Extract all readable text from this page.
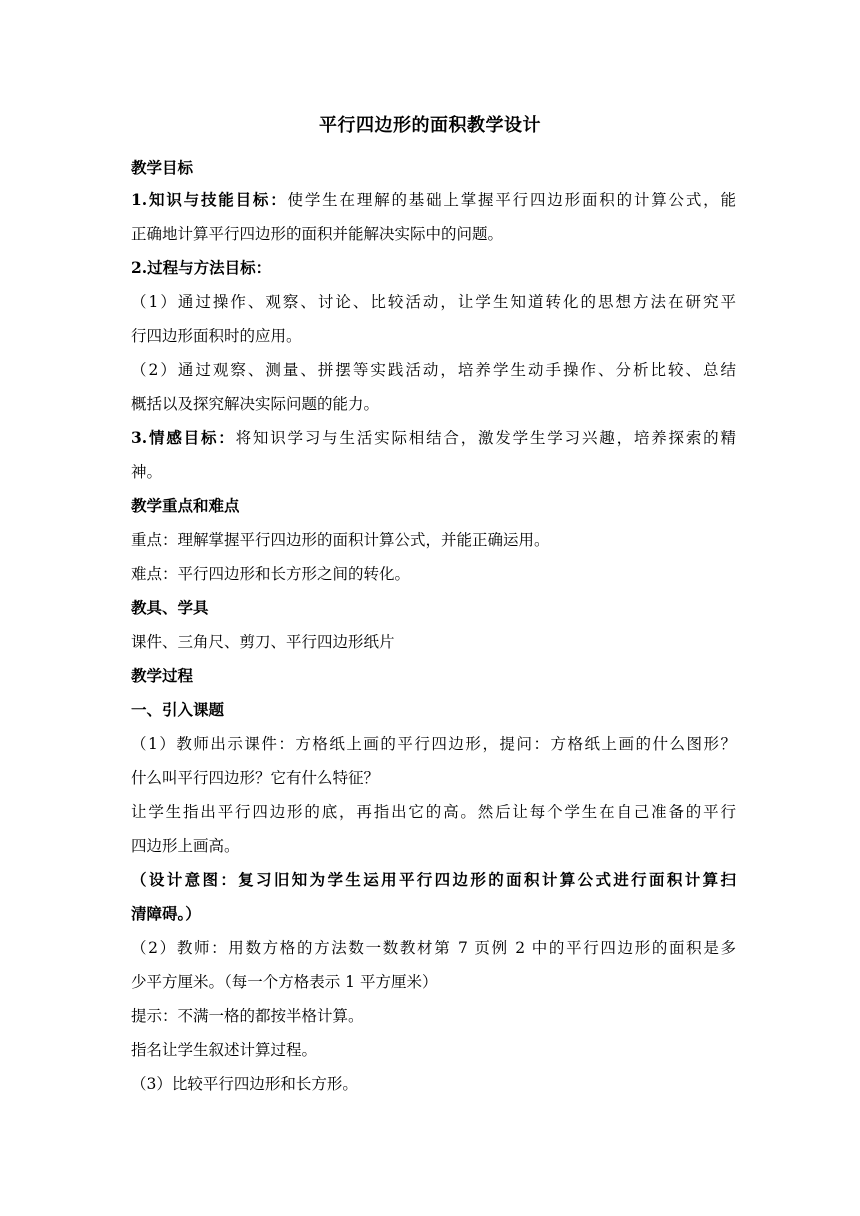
平行四边形的面积教学设计
教学目标
1.知识与技能目标：使学生在理解的基础上掌握平行四边形面积的计算公式，能
正确地计算平行四边形的面积并能解决实际中的问题。
2.过程与方法目标：
（1）通过操作、观察、讨论、比较活动，让学生知道转化的思想方法在研究平
行四边形面积时的应用。
（2）通过观察、测量、拼摆等实践活动，培养学生动手操作、分析比较、总结
概括以及探究解决实际问题的能力。
3.情感目标：将知识学习与生活实际相结合，激发学生学习兴趣，培养探索的精
神。
教学重点和难点
重点：理解掌握平行四边形的面积计算公式，并能正确运用。
难点：平行四边形和长方形之间的转化。
教具、学具
课件、三角尺、剪刀、平行四边形纸片
教学过程
一、引入课题
（1）教师出示课件：方格纸上画的平行四边形，提问：方格纸上画的什么图形？
什么叫平行四边形？它有什么特征？
让学生指出平行四边形的底，再指出它的高。然后让每个学生在自己准备的平行
四边形上画高。
（设计意图：复习旧知为学生运用平行四边形的面积计算公式进行面积计算扫
清障碍。）
（2）教师：用数方格的方法数一数教材第 7 页例 2 中的平行四边形的面积是多
少平方厘米。（每一个方格表示 1 平方厘米）
提示：不满一格的都按半格计算。
指名让学生叙述计算过程。
（3）比较平行四边形和长方形。
